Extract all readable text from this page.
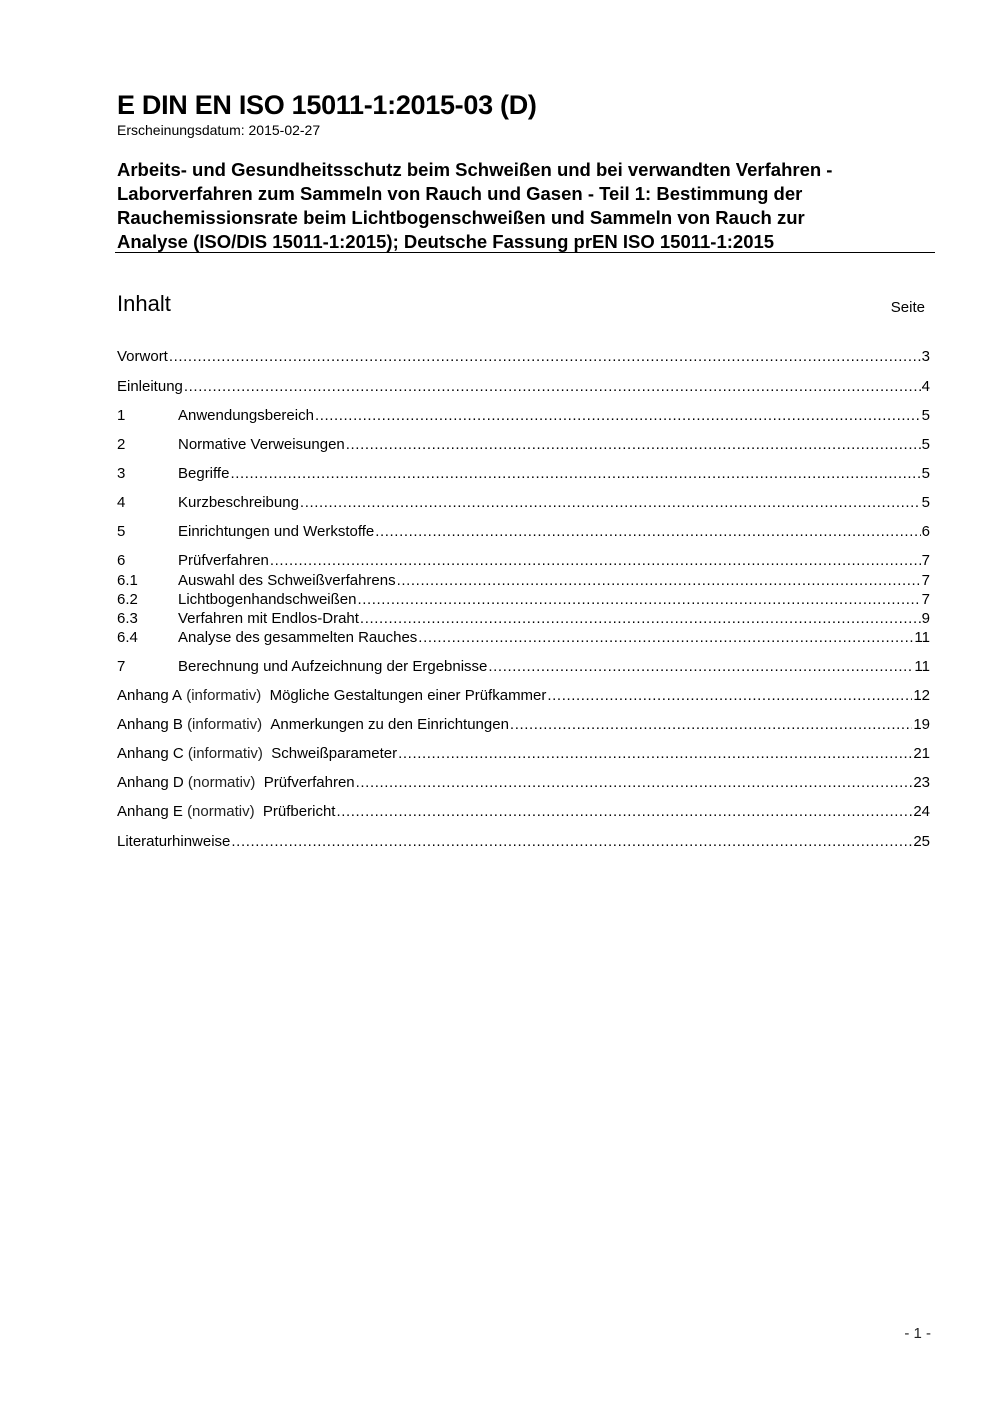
E DIN EN ISO 15011-1:2015-03 (D)
Erscheinungsdatum: 2015-02-27
Arbeits- und Gesundheitsschutz beim Schweißen und bei verwandten Verfahren -
Laborverfahren zum Sammeln von Rauch und Gasen - Teil 1: Bestimmung der
Rauchemissionsrate beim Lichtbogenschweißen und Sammeln von Rauch zur
Analyse (ISO/DIS 15011-1:2015); Deutsche Fassung prEN ISO 15011-1:2015
Inhalt	Seite
Vorwort .....	3
Einleitung .....	4
1	Anwendungsbereich .....	5
2	Normative Verweisungen .....	5
3	Begriffe .....	5
4	Kurzbeschreibung .....	5
5	Einrichtungen und Werkstoffe .....	6
6	Prüfverfahren .....	7
6.1	Auswahl des Schweißverfahrens .....	7
6.2	Lichtbogenhandschweißen .....	7
6.3	Verfahren mit Endlos-Draht .....	9
6.4	Analyse des gesammelten Rauches .....	11
7	Berechnung und Aufzeichnung der Ergebnisse .....	11
Anhang A (informativ) Mögliche Gestaltungen einer Prüfkammer .....	12
Anhang B (informativ) Anmerkungen zu den Einrichtungen .....	19
Anhang C (informativ) Schweißparameter .....	21
Anhang D (normativ) Prüfverfahren .....	23
Anhang E (normativ) Prüfbericht .....	24
Literaturhinweise .....	25
- 1 -
